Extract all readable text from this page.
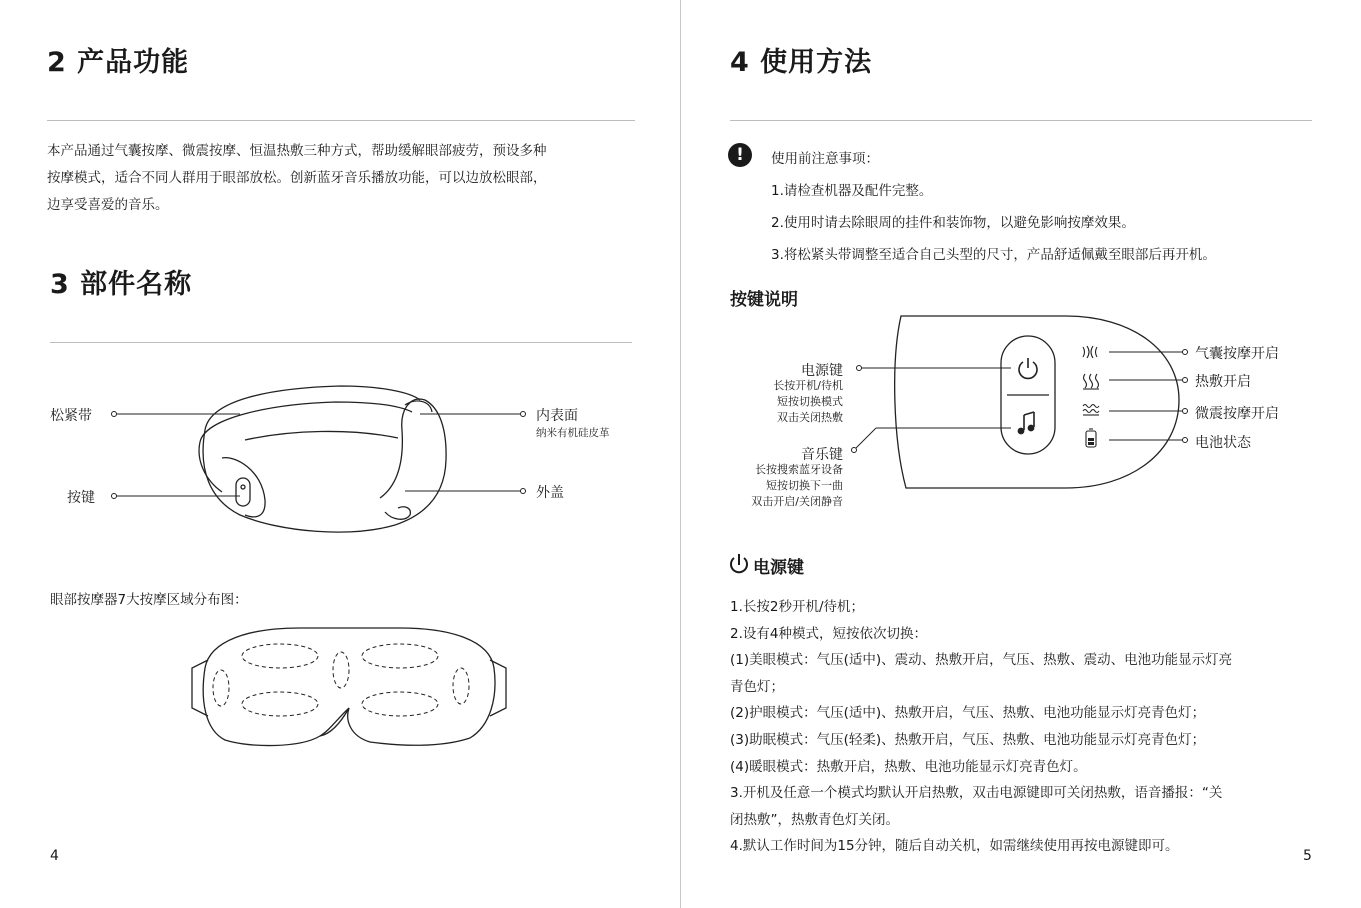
2 产品功能
本产品通过气囊按摩、微震按摩、恒温热敷三种方式，帮助缓解眼部疲劳，预设多种
按摩模式，适合不同人群用于眼部放松。创新蓝牙音乐播放功能，可以边放松眼部，
边享受喜爱的音乐。
3 部件名称
松紧带
按键
内表面
纳米有机硅皮革
外盖
眼部按摩器7大按摩区域分布图：
4
4 使用方法
!	使用前注意事项：
1.请检查机器及配件完整。
2.使用时请去除眼周的挂件和装饰物，以避免影响按摩效果。
3.将松紧头带调整至适合自己头型的尺寸，产品舒适佩戴至眼部后再开机。
按键说明
电源键
长按开机/待机
短按切换模式
双击关闭热敷
音乐键
长按搜索蓝牙设备
短按切换下一曲
双击开启/关闭静音
气囊按摩开启
热敷开启
微震按摩开启
电池状态
电源键
1.长按2秒开机/待机；
2.设有4种模式，短按依次切换：
(1)美眼模式：气压(适中)、震动、热敷开启，气压、热敷、震动、电池功能显示灯亮
青色灯；
(2)护眼模式：气压(适中)、热敷开启，气压、热敷、电池功能显示灯亮青色灯；
(3)助眠模式：气压(轻柔)、热敷开启，气压、热敷、电池功能显示灯亮青色灯；
(4)暖眼模式：热敷开启，热敷、电池功能显示灯亮青色灯。
3.开机及任意一个模式均默认开启热敷，双击电源键即可关闭热敷，语音播报：“关
闭热敷”，热敷青色灯关闭。
4.默认工作时间为15分钟，随后自动关机，如需继续使用再按电源键即可。
5
